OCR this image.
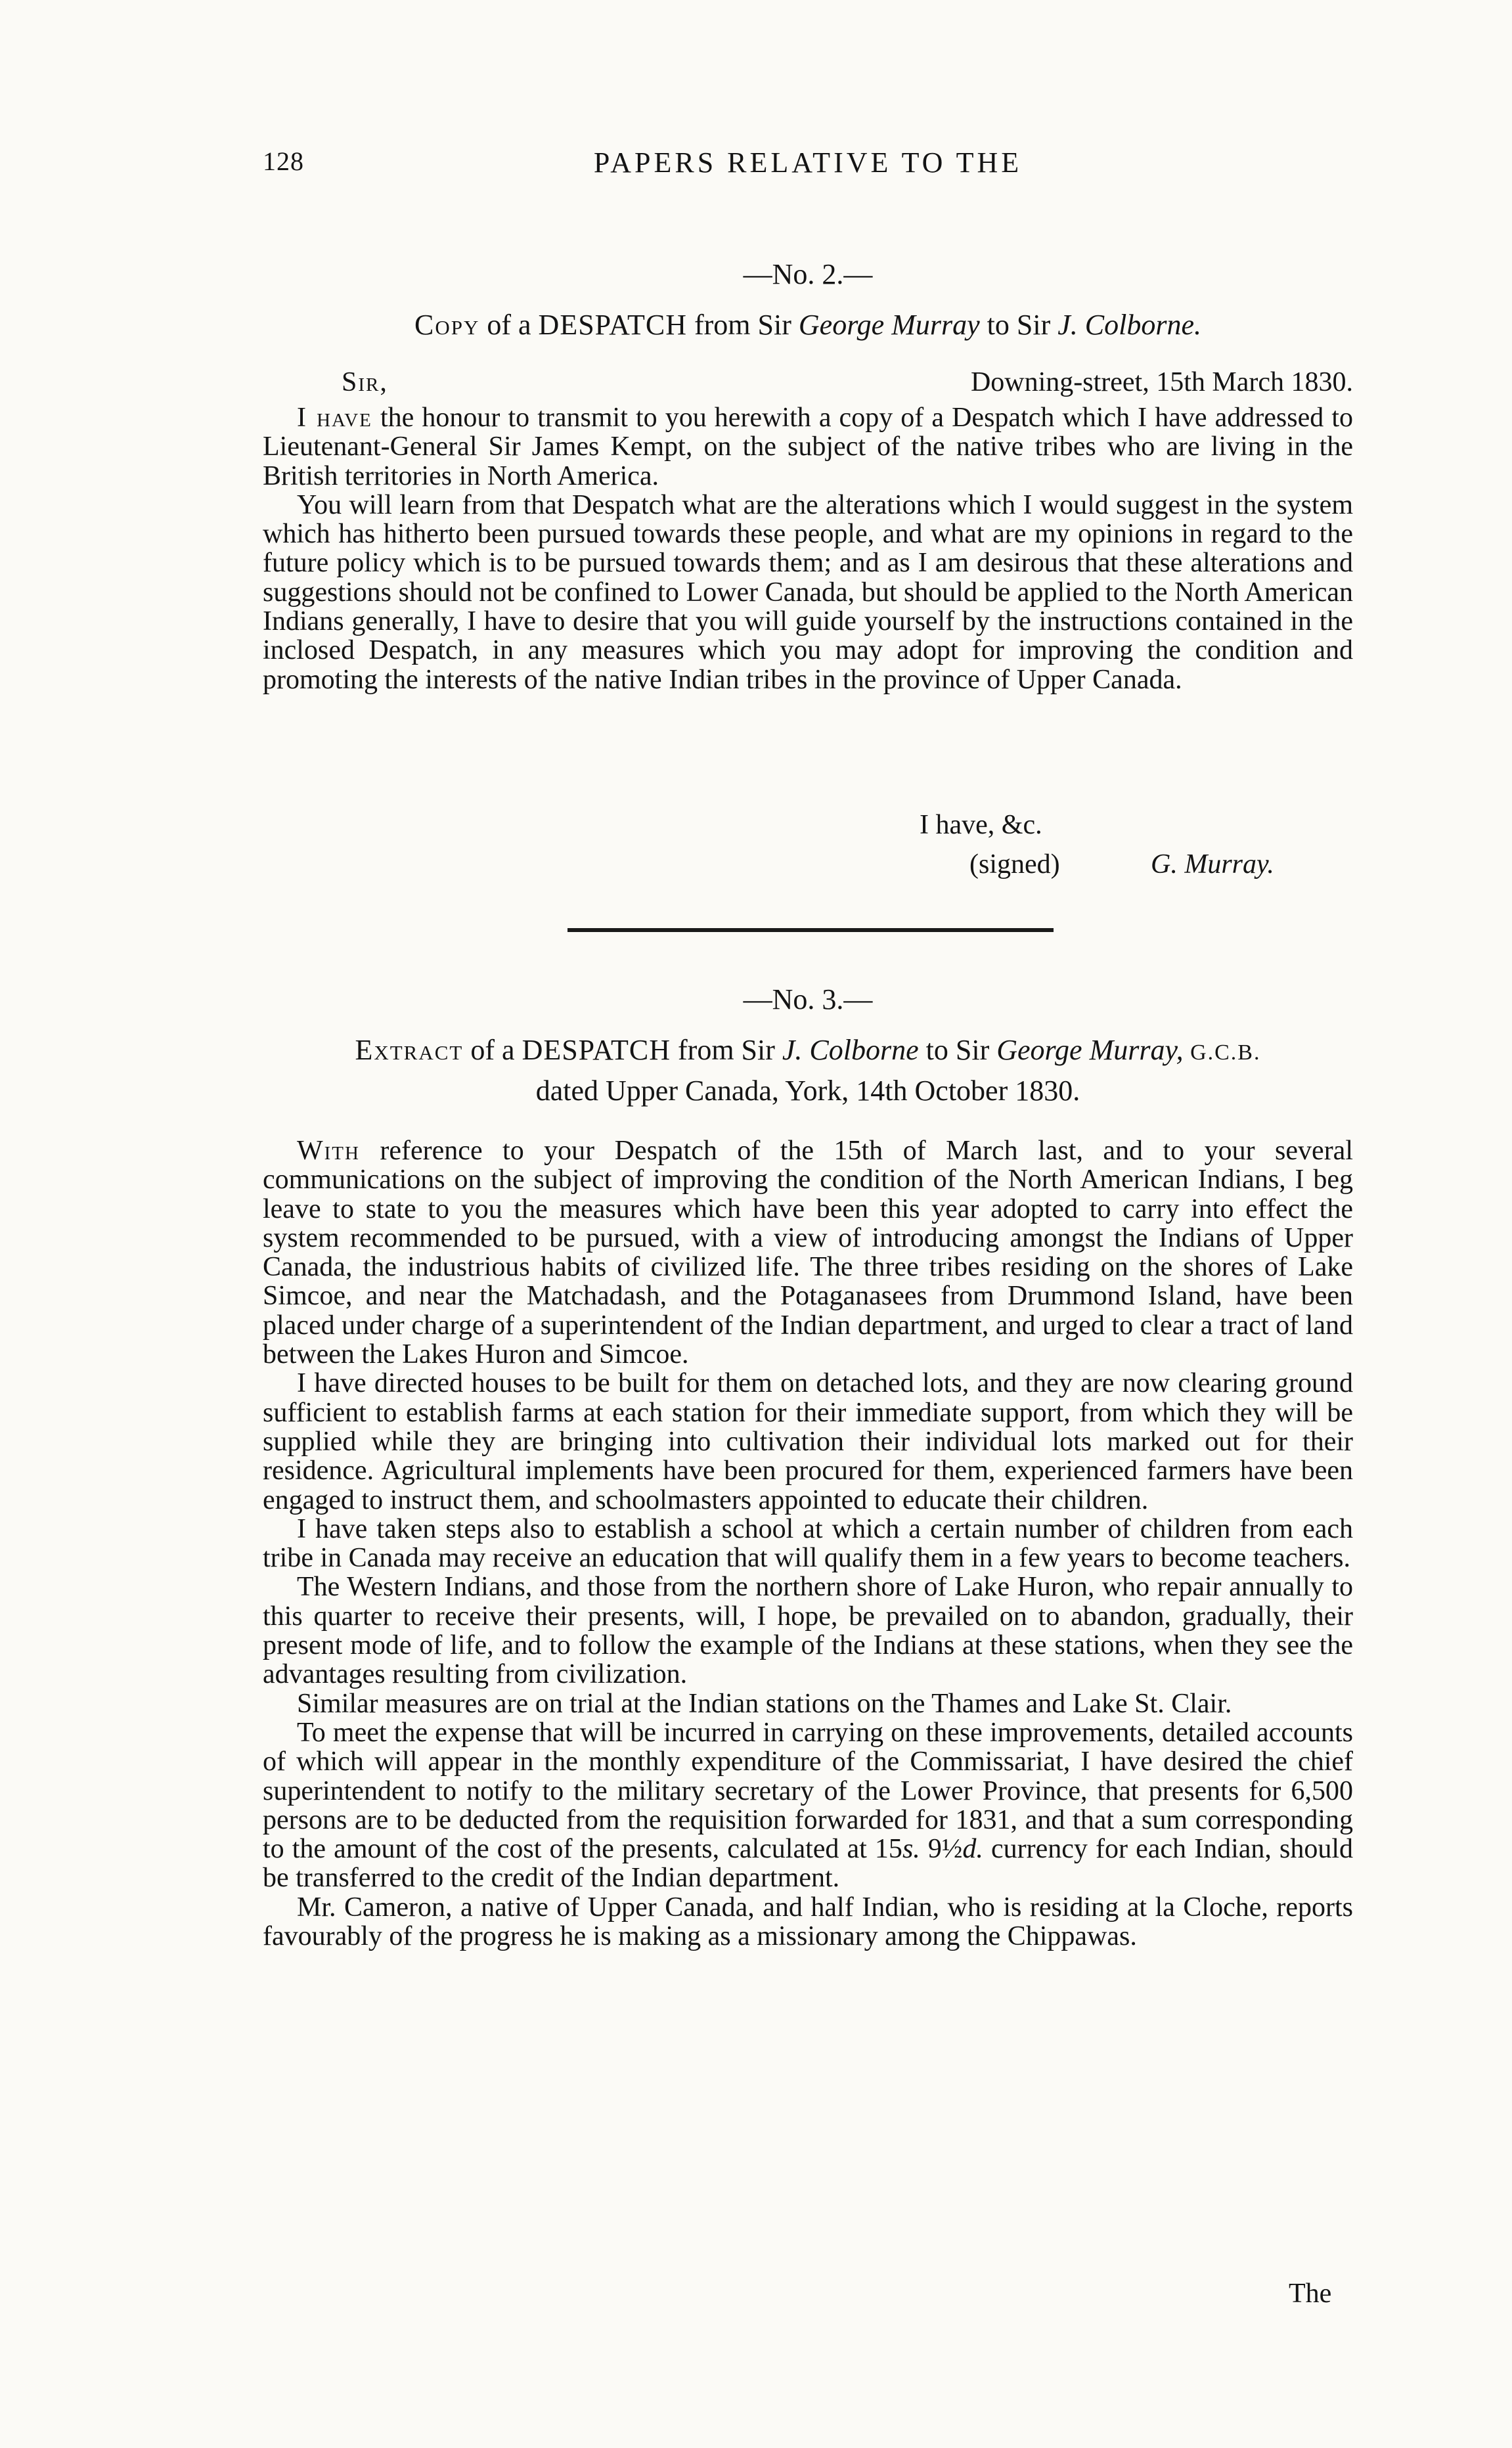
128	PAPERS RELATIVE TO THE
—No. 2.—
Copy of a DESPATCH from Sir George Murray to Sir J. Colborne.
Sir,	Downing-street, 15th March 1830.

I have the honour to transmit to you herewith a copy of a Despatch which I have addressed to Lieutenant-General Sir James Kempt, on the subject of the native tribes who are living in the British territories in North America.

You will learn from that Despatch what are the alterations which I would suggest in the system which has hitherto been pursued towards these people, and what are my opinions in regard to the future policy which is to be pursued towards them; and as I am desirous that these alterations and suggestions should not be confined to Lower Canada, but should be applied to the North American Indians generally, I have to desire that you will guide yourself by the instructions contained in the inclosed Despatch, in any measures which you may adopt for improving the condition and promoting the interests of the native Indian tribes in the province of Upper Canada.

I have, &c.
(signed)	G. Murray.
—No. 3.—
Extract of a DESPATCH from Sir J. Colborne to Sir George Murray, G.C.B.
dated Upper Canada, York, 14th October 1830.

With reference to your Despatch of the 15th of March last, and to your several communications on the subject of improving the condition of the North American Indians, I beg leave to state to you the measures which have been this year adopted to carry into effect the system recommended to be pursued, with a view of introducing amongst the Indians of Upper Canada, the industrious habits of civilized life. The three tribes residing on the shores of Lake Simcoe, and near the Matchadash, and the Potaganasees from Drummond Island, have been placed under charge of a superintendent of the Indian department, and urged to clear a tract of land between the Lakes Huron and Simcoe.

I have directed houses to be built for them on detached lots, and they are now clearing ground sufficient to establish farms at each station for their immediate support, from which they will be supplied while they are bringing into cultivation their individual lots marked out for their residence. Agricultural implements have been procured for them, experienced farmers have been engaged to instruct them, and schoolmasters appointed to educate their children.

I have taken steps also to establish a school at which a certain number of children from each tribe in Canada may receive an education that will qualify them in a few years to become teachers.

The Western Indians, and those from the northern shore of Lake Huron, who repair annually to this quarter to receive their presents, will, I hope, be prevailed on to abandon, gradually, their present mode of life, and to follow the example of the Indians at these stations, when they see the advantages resulting from civilization.

Similar measures are on trial at the Indian stations on the Thames and Lake St. Clair.

To meet the expense that will be incurred in carrying on these improvements, detailed accounts of which will appear in the monthly expenditure of the Commissariat, I have desired the chief superintendent to notify to the military secretary of the Lower Province, that presents for 6,500 persons are to be deducted from the requisition forwarded for 1831, and that a sum corresponding to the amount of the cost of the presents, calculated at 15s. 9½d. currency for each Indian, should be transferred to the credit of the Indian department.

Mr. Cameron, a native of Upper Canada, and half Indian, who is residing at la Cloche, reports favourably of the progress he is making as a missionary among the Chippawas.

The
